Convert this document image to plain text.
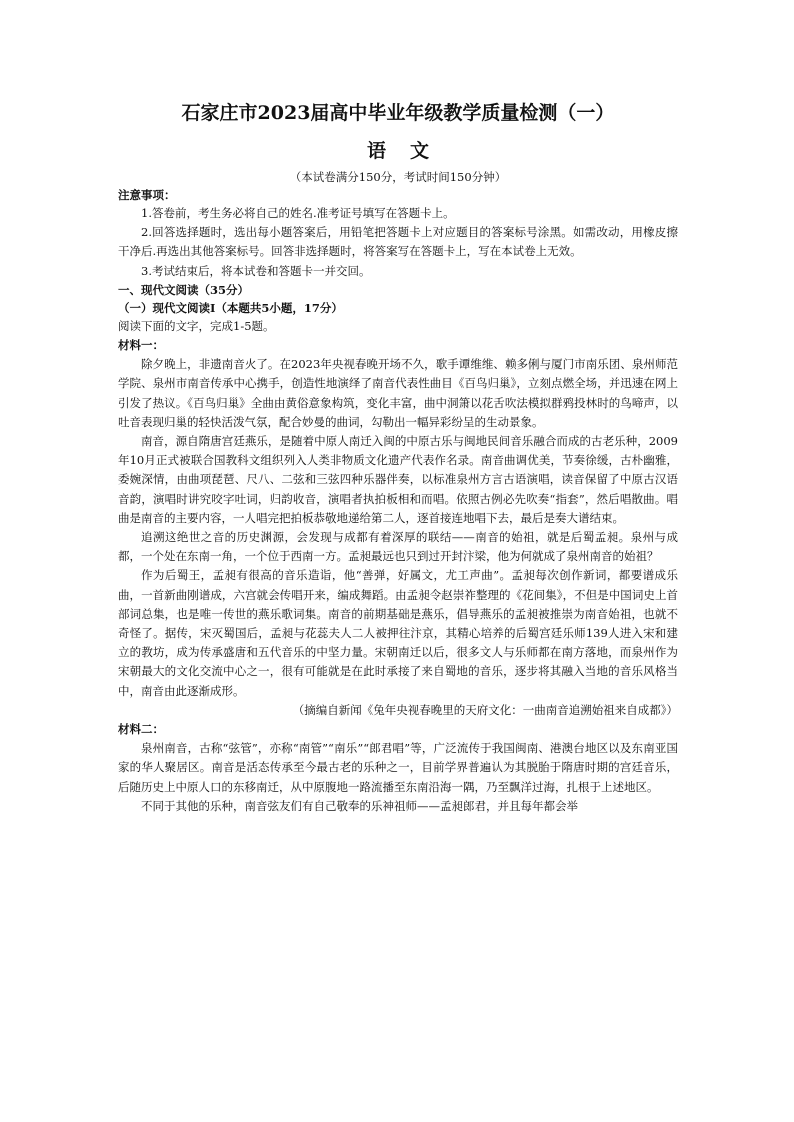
石家庄市2023届高中毕业年级教学质量检测（一）
语 文
（本试卷满分150分，考试时间150分钟）
注意事项：

1.答卷前，考生务必将自己的姓名.准考证号填写在答题卡上。

2.回答选择题时，选出每小题答案后，用铅笔把答题卡上对应题目的答案标号涂黑。如需改动，用橡皮擦干净后.再选出其他答案标号。回答非选择题时，将答案写在答题卡上，写在本试卷上无效。

3.考试结束后，将本试卷和答题卡一并交回。

一、现代文阅读（35分）
（一）现代文阅读Ⅰ（本题共5小题，17分）

阅读下面的文字，完成1-5题。

材料一：

除夕晚上，非遗南音火了。在2023年央视春晚开场不久，歌手谭维维、赖多俐与厦门市南乐团、泉州师范学院、泉州市南音传承中心携手，创造性地演绎了南音代表性曲目《百鸟归巢》，立刻点燃全场，并迅速在网上引发了热议。《百鸟归巢》全曲由黄俗意象构筑，变化丰富，曲中洞箫以花舌吹法模拟群鸦投林时的鸟啼声，以吐音表现归巢的轻快活泼气氛，配合妙曼的曲词，勾勒出一幅异彩纷呈的生动景象。

南音，源自隋唐宫廷燕乐，是随着中原人南迁入闽的中原古乐与闽地民间音乐融合而成的古老乐种，2009年10月正式被联合国教科文组织列入人类非物质文化遗产代表作名录。南音曲调优美，节奏徐缓，古朴幽雅，委婉深情，由曲项琵琶、尺八、二弦和三弦四种乐器伴奏，以标准泉州方言古语演唱，读音保留了中原古汉语音韵，演唱时讲究咬字吐词，归韵收音，演唱者执拍板相和而唱。依照古例必先吹奏“指套”，然后唱散曲。唱曲是南音的主要内容，一人唱完把拍板恭敬地递给第二人，逐首接连地唱下去，最后是奏大谱结束。

追溯这绝世之音的历史渊源，会发现与成都有着深厚的联结——南音的始祖，就是后蜀孟昶。泉州与成都，一个处在东南一角，一个位于西南一方。孟昶最远也只到过开封汴梁，他为何就成了泉州南音的始祖？

作为后蜀王，孟昶有很高的音乐造诣，他“善弹，好属文，尤工声曲”。孟昶每次创作新词，都要谱成乐曲，一首新曲刚谱成，六宫就会传唱开来，编成舞蹈。由孟昶令赵崇祚整理的《花间集》，不但是中国词史上首部词总集，也是唯一传世的燕乐歌词集。南音的前期基础是燕乐，倡导燕乐的孟昶被推崇为南音始祖，也就不奇怪了。据传，宋灭蜀国后，孟昶与花蕊夫人二人被押往汴京，其精心培养的后蜀宫廷乐师139人进入宋和建立的教坊，成为传承盛唐和五代音乐的中坚力量。宋朝南迁以后，很多文人与乐师都在南方落地，而泉州作为宋朝最大的文化交流中心之一，很有可能就是在此时承接了来自蜀地的音乐，逐步将其融入当地的音乐风格当中，南音由此逐渐成形。

（摘编自新闻《兔年央视春晚里的天府文化：一曲南音追溯始祖来自成都》）
材料二：

泉州南音，古称“弦管”，亦称“南管”“南乐”“郎君唱”等，广泛流传于我国闽南、港澳台地区以及东南亚国家的华人聚居区。南音是活态传承至今最古老的乐种之一，目前学界普遍认为其脱胎于隋唐时期的宫廷音乐，后随历史上中原人口的东移南迁，从中原腹地一路流播至东南沿海一隅，乃至飘洋过海，扎根于上述地区。

不同于其他的乐种，南音弦友们有自己敬奉的乐神祖师——孟昶郎君，并且每年都会举
